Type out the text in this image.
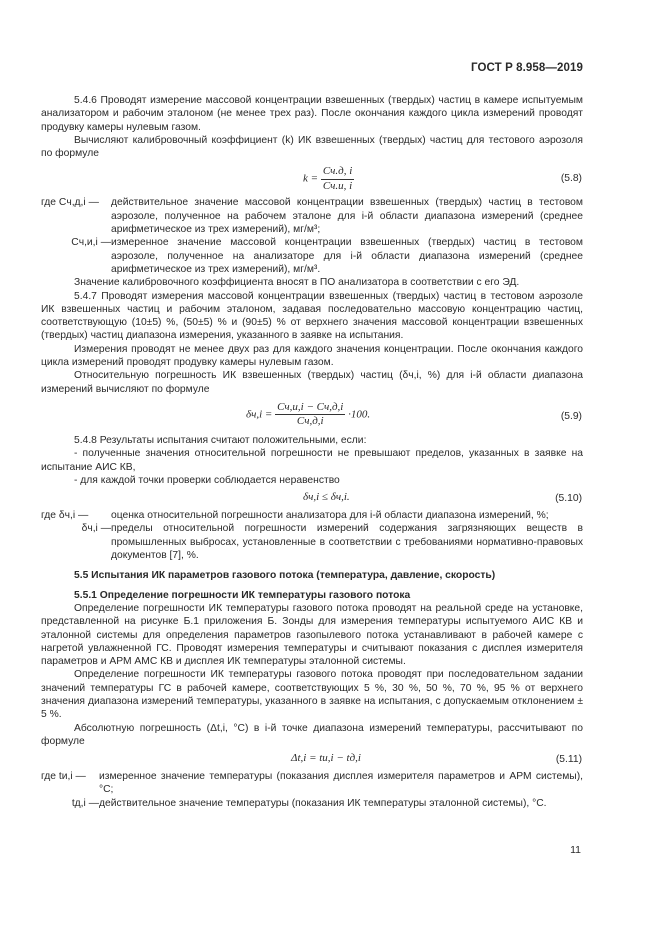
ГОСТ Р 8.958—2019

5.4.6 Проводят измерение массовой концентрации взвешенных (твердых) частиц в камере испытуемым анализатором и рабочим эталоном (не менее трех раз). После окончания каждого цикла измерений проводят продувку камеры нулевым газом.

Вычисляют калибровочный коэффициент (k) ИК взвешенных (твердых) частиц для тестового аэрозоля по формуле

$k = \frac{Cч.д, i}{Cч.и, i}$	(5.8)
где Cч,д,i —	действительное значение массовой концентрации взвешенных (твердых) частиц в тестовом аэрозоле, полученное на рабочем эталоне для i-й области диапазона измерений (среднее арифметическое из трех измерений), мг/м³;
Cч,и,i — измеренное значение массовой концентрации взвешенных (твердых) частиц в тестовом аэрозоле, полученное на анализаторе для i-й области диапазона измерений (среднее арифметическое из трех измерений), мг/м³.

Значение калибровочного коэффициента вносят в ПО анализатора в соответствии с его ЭД.

5.4.7 Проводят измерения массовой концентрации взвешенных (твердых) частиц в тестовом аэрозоле ИК взвешенных частиц и рабочим эталоном, задавая последовательно массовую концентрацию частиц, соответствующую (10±5) %, (50±5) % и (90±5) % от верхнего значения массовой концентрации взвешенных (твердых) частиц диапазона измерения, указанного в заявке на испытания.

Измерения проводят не менее двух раз для каждого значения концентрации. После окончания каждого цикла измерений проводят продувку камеры нулевым газом.

Относительную погрешность ИК взвешенных (твердых) частиц (δч,i, %) для i-й области диапазона измерений вычисляют по формуле

$\delta ч,i = \frac{Cч,и,i - Cч,д,i}{Cч,д,i} \cdot 100$.	(5.9)

5.4.8 Результаты испытания считают положительными, если:

- полученные значения относительной погрешности не превышают пределов, указанных в заявке на испытание АИС КВ,

- для каждой точки проверки соблюдается неравенство

δч,i ≤ δч,i.	(5.10)
где δч,i —	оценка относительной погрешности анализатора для i-й области диапазона измерений, %;
δч,i — пределы относительной погрешности измерений содержания загрязняющих веществ в промышленных выбросах, установленные в соответствии с требованиями нормативно-правовых документов [7], %.

5.5 Испытания ИК параметров газового потока (температура, давление, скорость)

5.5.1 Определение погрешности ИК температуры газового потока

Определение погрешности ИК температуры газового потока проводят на реальной среде на установке, представленной на рисунке Б.1 приложения Б. Зонды для измерения температуры испытуемого АИС КВ и эталонной системы для определения параметров газопылевого потока устанавливают в рабочей камере с нагретой увлажненной ГС. Проводят измерения температуры и считывают показания с дисплея измерителя параметров и АРМ АМС КВ и дисплея ИК температуры эталонной системы.

Определение погрешности ИК температуры газового потока проводят при последовательном задании значений температуры ГС в рабочей камере, соответствующих 5 %, 30 %, 50 %, 70 %, 95 % от верхнего значения диапазона измерений температуры, указанного в заявке на испытания, с допускаемым отклонением ± 5 %.

Абсолютную погрешность (Δt,i, °C) в i-й точке диапазона измерений температуры, рассчитывают по формуле

Δt,i = tи,i − tд,i	(5.11)
где tи,i —	измеренное значение температуры (показания дисплея измерителя параметров и АРМ системы), °C;
tд,i — действительное значение температуры (показания ИК температуры эталонной системы), °C.
11
